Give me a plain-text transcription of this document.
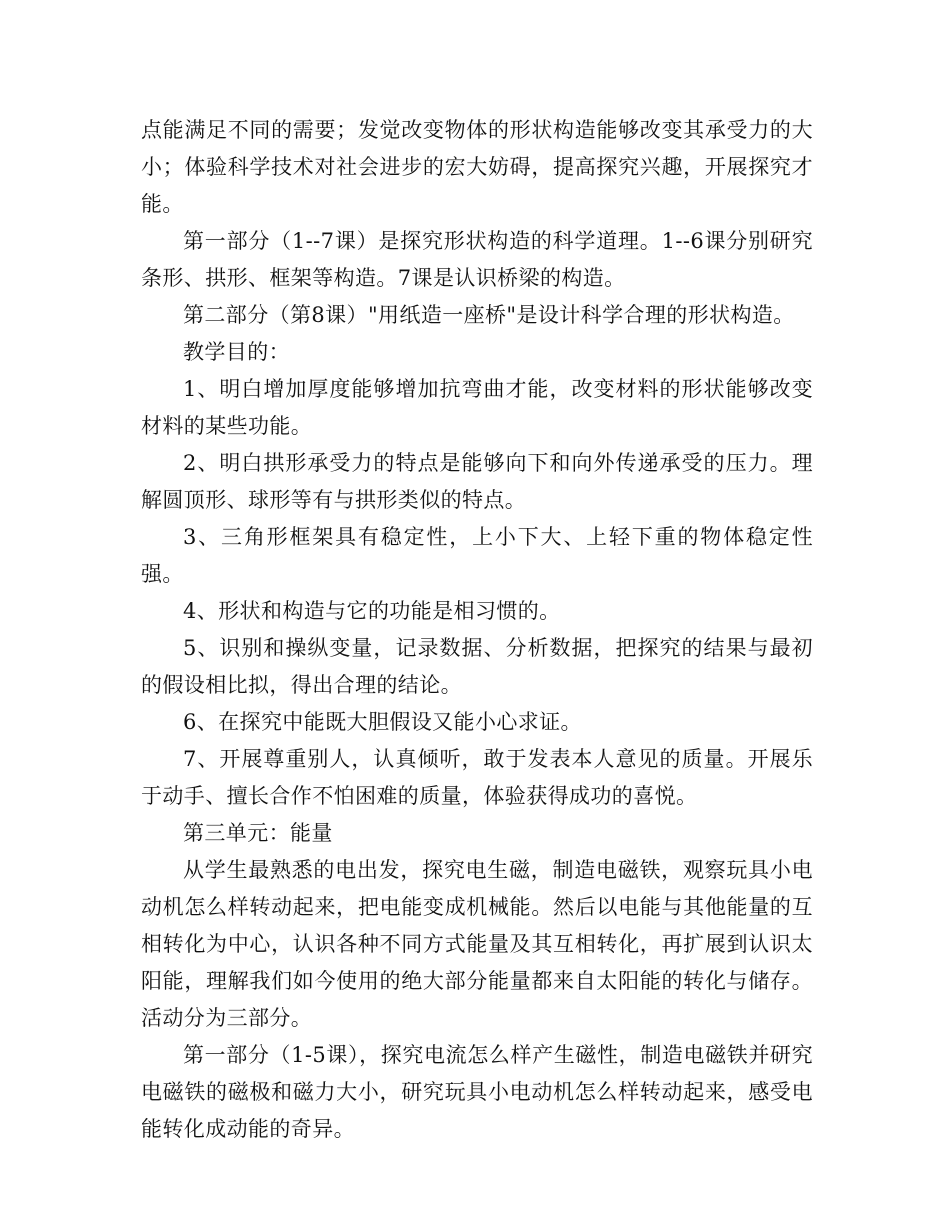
点能满足不同的需要；发觉改变物体的形状构造能够改变其承受力的大小；体验科学技术对社会进步的宏大妨碍，提高探究兴趣，开展探究才能。

第一部分（1--7课）是探究形状构造的科学道理。1--6课分别研究条形、拱形、框架等构造。7课是认识桥梁的构造。

第二部分（第8课）"用纸造一座桥"是设计科学合理的形状构造。

教学目的：

1、明白增加厚度能够增加抗弯曲才能，改变材料的形状能够改变材料的某些功能。

2、明白拱形承受力的特点是能够向下和向外传递承受的压力。理解圆顶形、球形等有与拱形类似的特点。

3、三角形框架具有稳定性，上小下大、上轻下重的物体稳定性强。

4、形状和构造与它的功能是相习惯的。

5、识别和操纵变量，记录数据、分析数据，把探究的结果与最初的假设相比拟，得出合理的结论。

6、在探究中能既大胆假设又能小心求证。

7、开展尊重别人，认真倾听，敢于发表本人意见的质量。开展乐于动手、擅长合作不怕困难的质量，体验获得成功的喜悦。

第三单元：能量

从学生最熟悉的电出发，探究电生磁，制造电磁铁，观察玩具小电动机怎么样转动起来，把电能变成机械能。然后以电能与其他能量的互相转化为中心，认识各种不同方式能量及其互相转化，再扩展到认识太阳能，理解我们如今使用的绝大部分能量都来自太阳能的转化与储存。活动分为三部分。

第一部分（1-5课），探究电流怎么样产生磁性，制造电磁铁并研究电磁铁的磁极和磁力大小，研究玩具小电动机怎么样转动起来，感受电能转化成动能的奇异。
